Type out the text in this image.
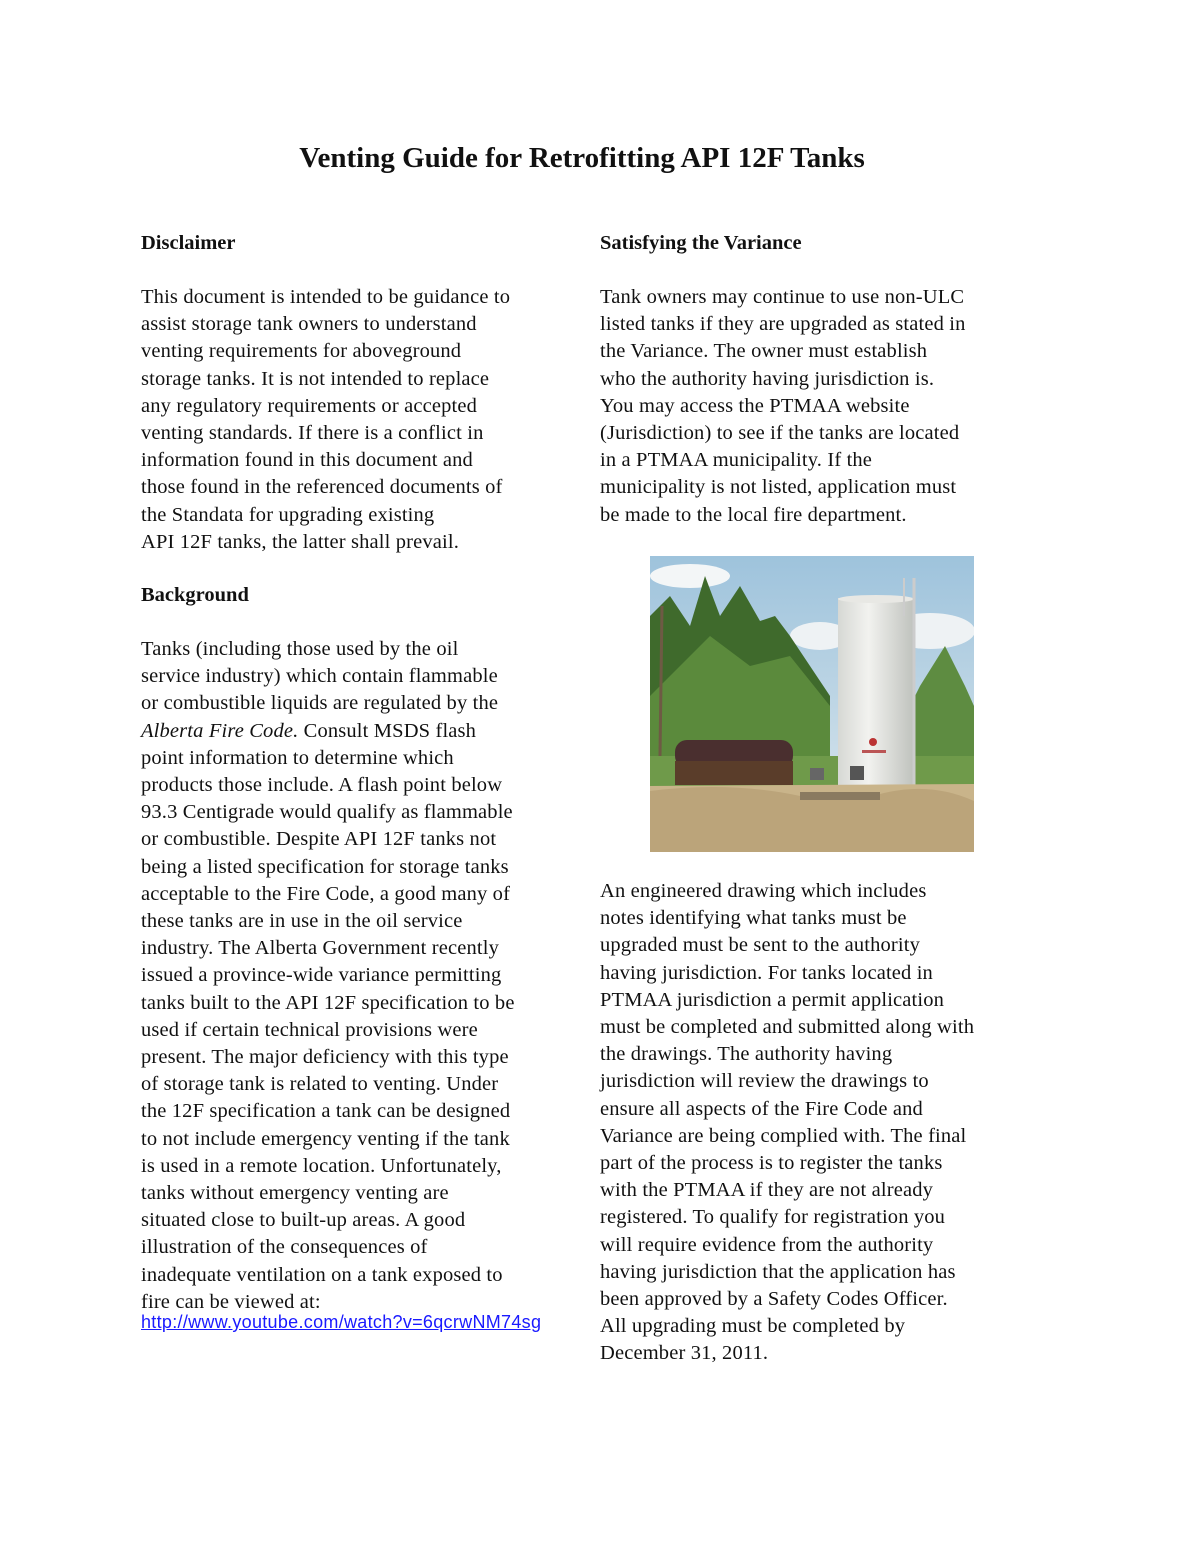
Venting Guide for Retrofitting API 12F Tanks
Disclaimer
This document is intended to be guidance to
assist storage tank owners to understand
venting requirements for aboveground
storage tanks. It is not intended to replace
any regulatory requirements or accepted
venting standards. If there is a conflict in
information found in this document and
those found in the referenced documents of
the Standata for upgrading existing
API 12F tanks, the latter shall prevail.
Background
Tanks (including those used by the oil
service industry) which contain flammable
or combustible liquids are regulated by the
Alberta Fire Code. Consult MSDS flash
point information to determine which
products those include. A flash point below
93.3 Centigrade would qualify as flammable
or combustible. Despite API 12F tanks not
being a listed specification for storage tanks
acceptable to the Fire Code, a good many of
these tanks are in use in the oil service
industry. The Alberta Government recently
issued a province-wide variance permitting
tanks built to the API 12F specification to be
used if certain technical provisions were
present. The major deficiency with this type
of storage tank is related to venting. Under
the 12F specification a tank can be designed
to not include emergency venting if the tank
is used in a remote location. Unfortunately,
tanks without emergency venting are
situated close to built-up areas. A good
illustration of the consequences of
inadequate ventilation on a tank exposed to
fire can be viewed at:
http://www.youtube.com/watch?v=6qcrwNM74sg
Satisfying the Variance
Tank owners may continue to use non-ULC
listed tanks if they are upgraded as stated in
the Variance. The owner must establish
who the authority having jurisdiction is.
You may access the PTMAA website
(Jurisdiction) to see if the tanks are located
in a PTMAA municipality. If the
municipality is not listed, application must
be made to the local fire department.
An engineered drawing which includes
notes identifying what tanks must be
upgraded must be sent to the authority
having jurisdiction. For tanks located in
PTMAA jurisdiction a permit application
must be completed and submitted along with
the drawings. The authority having
jurisdiction will review the drawings to
ensure all aspects of the Fire Code and
Variance are being complied with. The final
part of the process is to register the tanks
with the PTMAA if they are not already
registered. To qualify for registration you
will require evidence from the authority
having jurisdiction that the application has
been approved by a Safety Codes Officer.
All upgrading must be completed by
December 31, 2011.
